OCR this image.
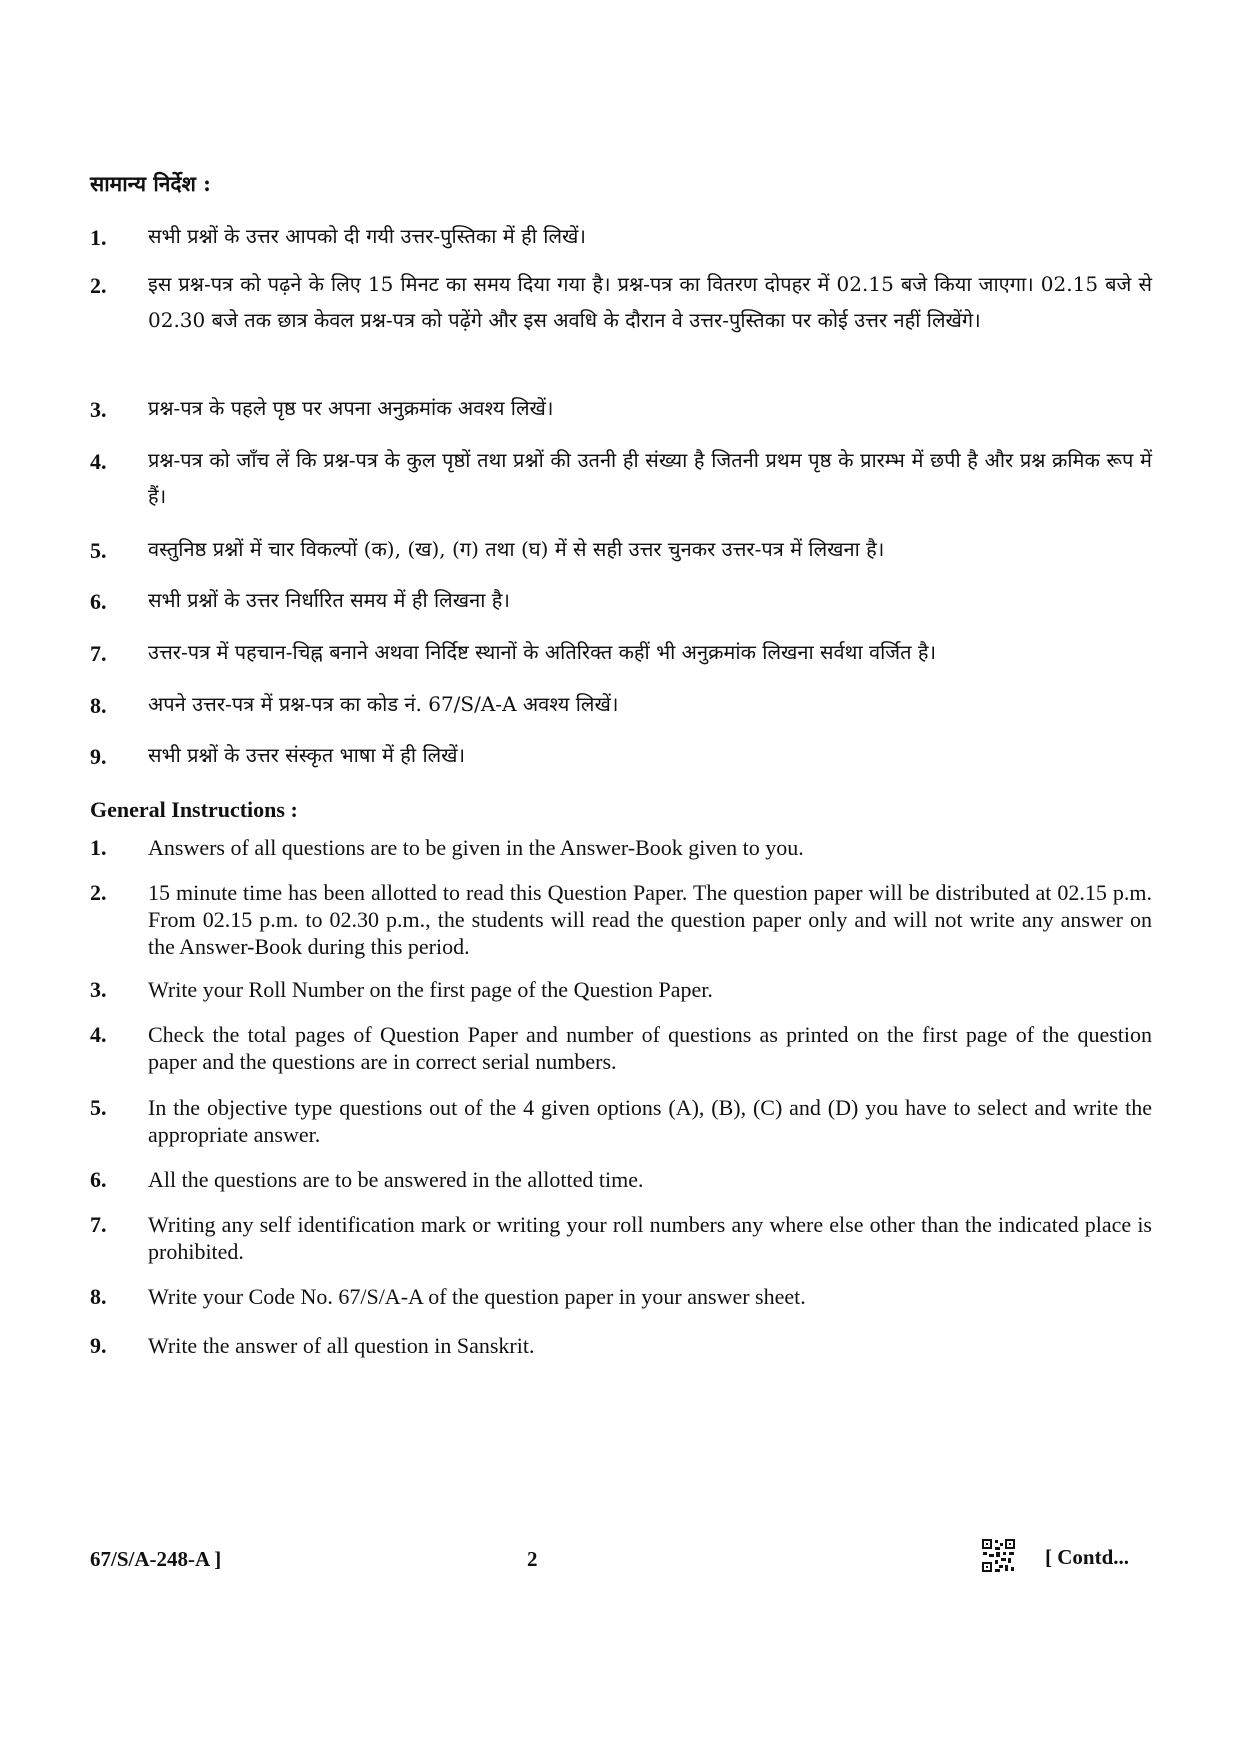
सामान्य निर्देश :
1.	सभी प्रश्नों के उत्तर आपको दी गयी उत्तर-पुस्तिका में ही लिखें।
2.	इस प्रश्न-पत्र को पढ़ने के लिए 15 मिनट का समय दिया गया है। प्रश्न-पत्र का वितरण दोपहर में 02.15 बजे किया जाएगा। 02.15 बजे से 02.30 बजे तक छात्र केवल प्रश्न-पत्र को पढ़ेंगे और इस अवधि के दौरान वे उत्तर-पुस्तिका पर कोई उत्तर नहीं लिखेंगे।
3.	प्रश्न-पत्र के पहले पृष्ठ पर अपना अनुक्रमांक अवश्य लिखें।
4.	प्रश्न-पत्र को जाँच लें कि प्रश्न-पत्र के कुल पृष्ठों तथा प्रश्नों की उतनी ही संख्या है जितनी प्रथम पृष्ठ के प्रारम्भ में छपी है और प्रश्न क्रमिक रूप में हैं।
5.	वस्तुनिष्ठ प्रश्नों में चार विकल्पों (क), (ख), (ग) तथा (घ) में से सही उत्तर चुनकर उत्तर-पत्र में लिखना है।
6.	सभी प्रश्नों के उत्तर निर्धारित समय में ही लिखना है।
7.	उत्तर-पत्र में पहचान-चिह्न बनाने अथवा निर्दिष्ट स्थानों के अतिरिक्त कहीं भी अनुक्रमांक लिखना सर्वथा वर्जित है।
8.	अपने उत्तर-पत्र में प्रश्न-पत्र का कोड नं. 67/S/A-A अवश्य लिखें।
9.	सभी प्रश्नों के उत्तर संस्कृत भाषा में ही लिखें।
General Instructions :
1.	Answers of all questions are to be given in the Answer-Book given to you.
2.	15 minute time has been allotted to read this Question Paper. The question paper will be distributed at 02.15 p.m. From 02.15 p.m. to 02.30 p.m., the students will read the question paper only and will not write any answer on the Answer-Book during this period.
3.	Write your Roll Number on the first page of the Question Paper.
4.	Check the total pages of Question Paper and number of questions as printed on the first page of the question paper and the questions are in correct serial numbers.
5.	In the objective type questions out of the 4 given options (A), (B), (C) and (D) you have to select and write the appropriate answer.
6.	All the questions are to be answered in the allotted time.
7.	Writing any self identification mark or writing your roll numbers any where else other than the indicated place is prohibited.
8.	Write your Code No. 67/S/A-A of the question paper in your answer sheet.
9.	Write the answer of all question in Sanskrit.
67/S/A-248-A ]	2	[ Contd...
